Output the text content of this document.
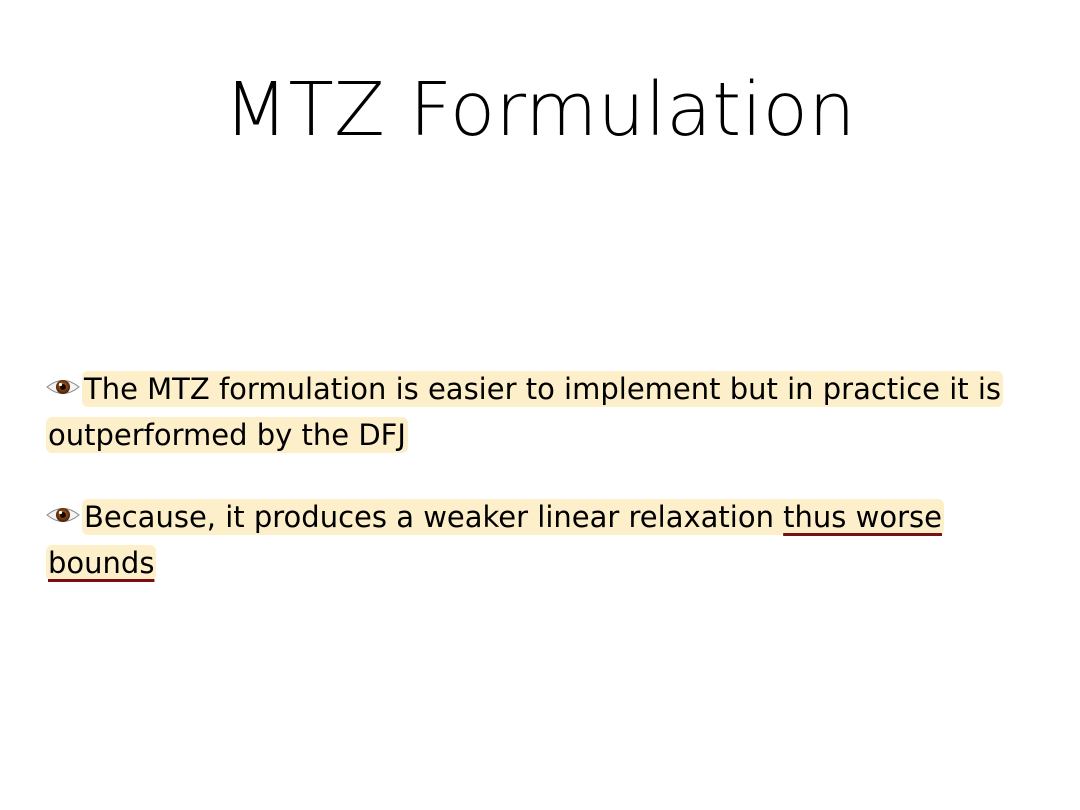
MTZ Formulation
The MTZ formulation is easier to implement but in practice it is outperformed by the DFJ
Because, it produces a weaker linear relaxation thus worse bounds
